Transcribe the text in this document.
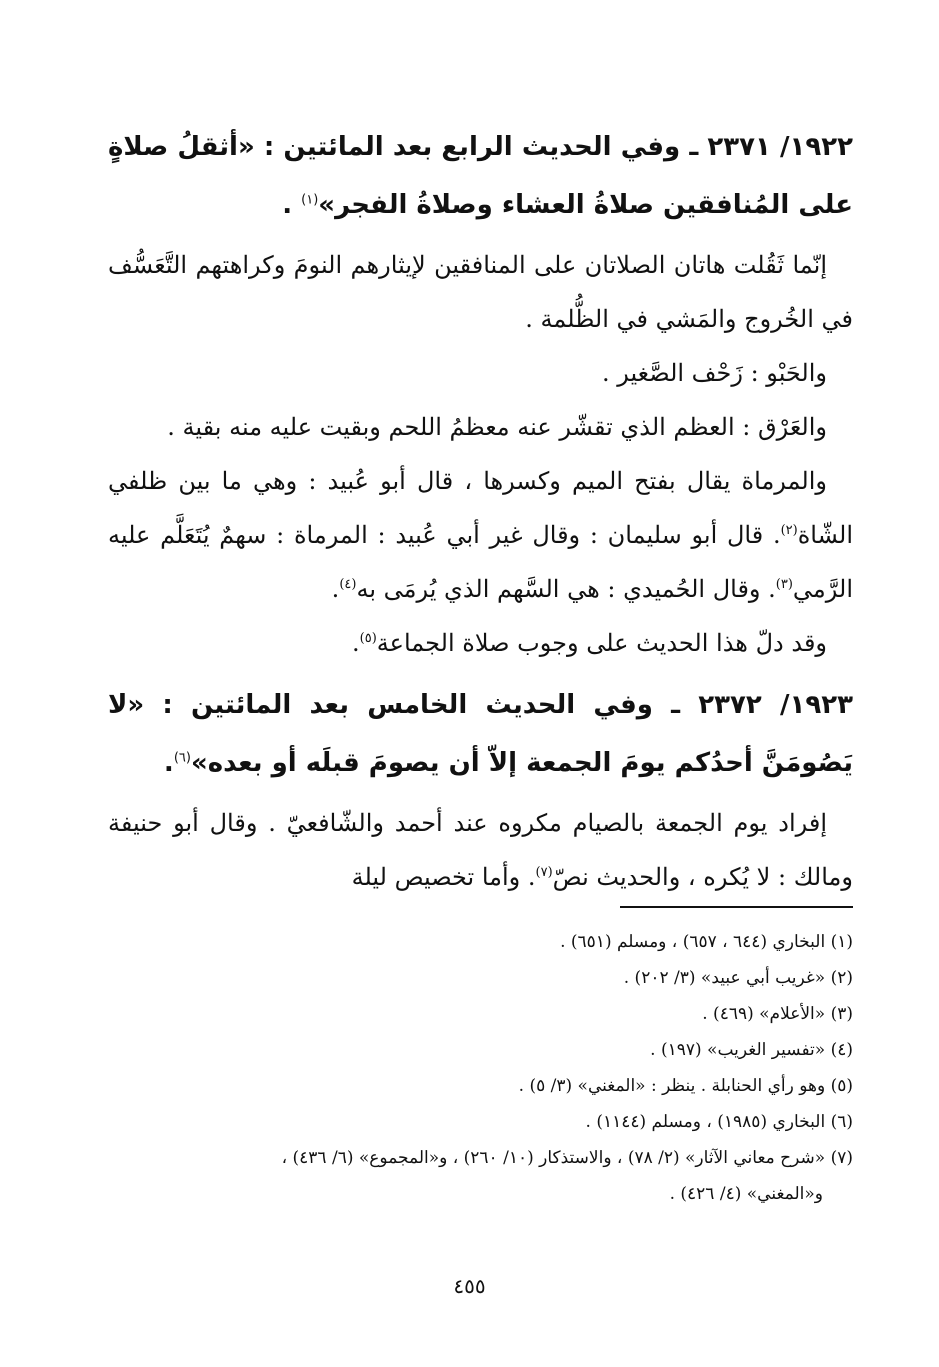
١٩٢٢/ ٢٣٧١ ـ وفي الحديث الرابع بعد المائتين : «أثقلُ صلاةٍ على المُنافقين صلاةُ العشاء وصلاةُ الفجر»$^{(١)}$ .

إنّما ثَقُلت هاتان الصلاتان على المنافقين لإيثارهم النومَ وكراهتهم التَّعَسُّف في الخُروج والمَشي في الظُّلمة .

والحَبْو : زَحْف الصَّغير .

والعَرْق : العظم الذي تقشّر عنه معظمُ اللحم وبقيت عليه منه بقية .

والمرماة يقال بفتح الميم وكسرها ، قال أبو عُبيد : وهي ما بين ظلفي الشّاة$^{(٢)}$. قال أبو سليمان : وقال غير أبي عُبيد : المرماة : سهمٌ يُتَعَلَّم عليه الرَّمي$^{(٣)}$. وقال الحُميدي : هي السَّهم الذي يُرمَى به$^{(٤)}$.

وقد دلّ هذا الحديث على وجوب صلاة الجماعة$^{(٥)}$.

١٩٢٣/ ٢٣٧٢ ـ وفي الحديث الخامس بعد المائتين : «لا يَصُومَنَّ أحدُكم يومَ الجمعة إلاّ أن يصومَ قبلَه أو بعده»$^{(٦)}$.

إفراد يوم الجمعة بالصيام مكروه عند أحمد والشّافعيّ . وقال أبو حنيفة ومالك : لا يُكره ، والحديث نصّ$^{(٧)}$. وأما تخصيص ليلة

(١) البخاري (٦٤٤ ، ٦٥٧) ، ومسلم (٦٥١) .

(٢) «غريب أبي عبيد» (٣/ ٢٠٢) .

(٣) «الأعلام» (٤٦٩) .

(٤) «تفسير الغريب» (١٩٧) .

(٥) وهو رأي الحنابلة . ينظر : «المغني» (٣/ ٥) .

(٦) البخاري (١٩٨٥) ، ومسلم (١١٤٤) .

(٧) «شرح معاني الآثار» (٢/ ٧٨) ، والاستذكار (١٠/ ٢٦٠) ، و«المجموع» (٦/ ٤٣٦) ،

و«المغني» (٤/ ٤٢٦) .

٤٥٥
